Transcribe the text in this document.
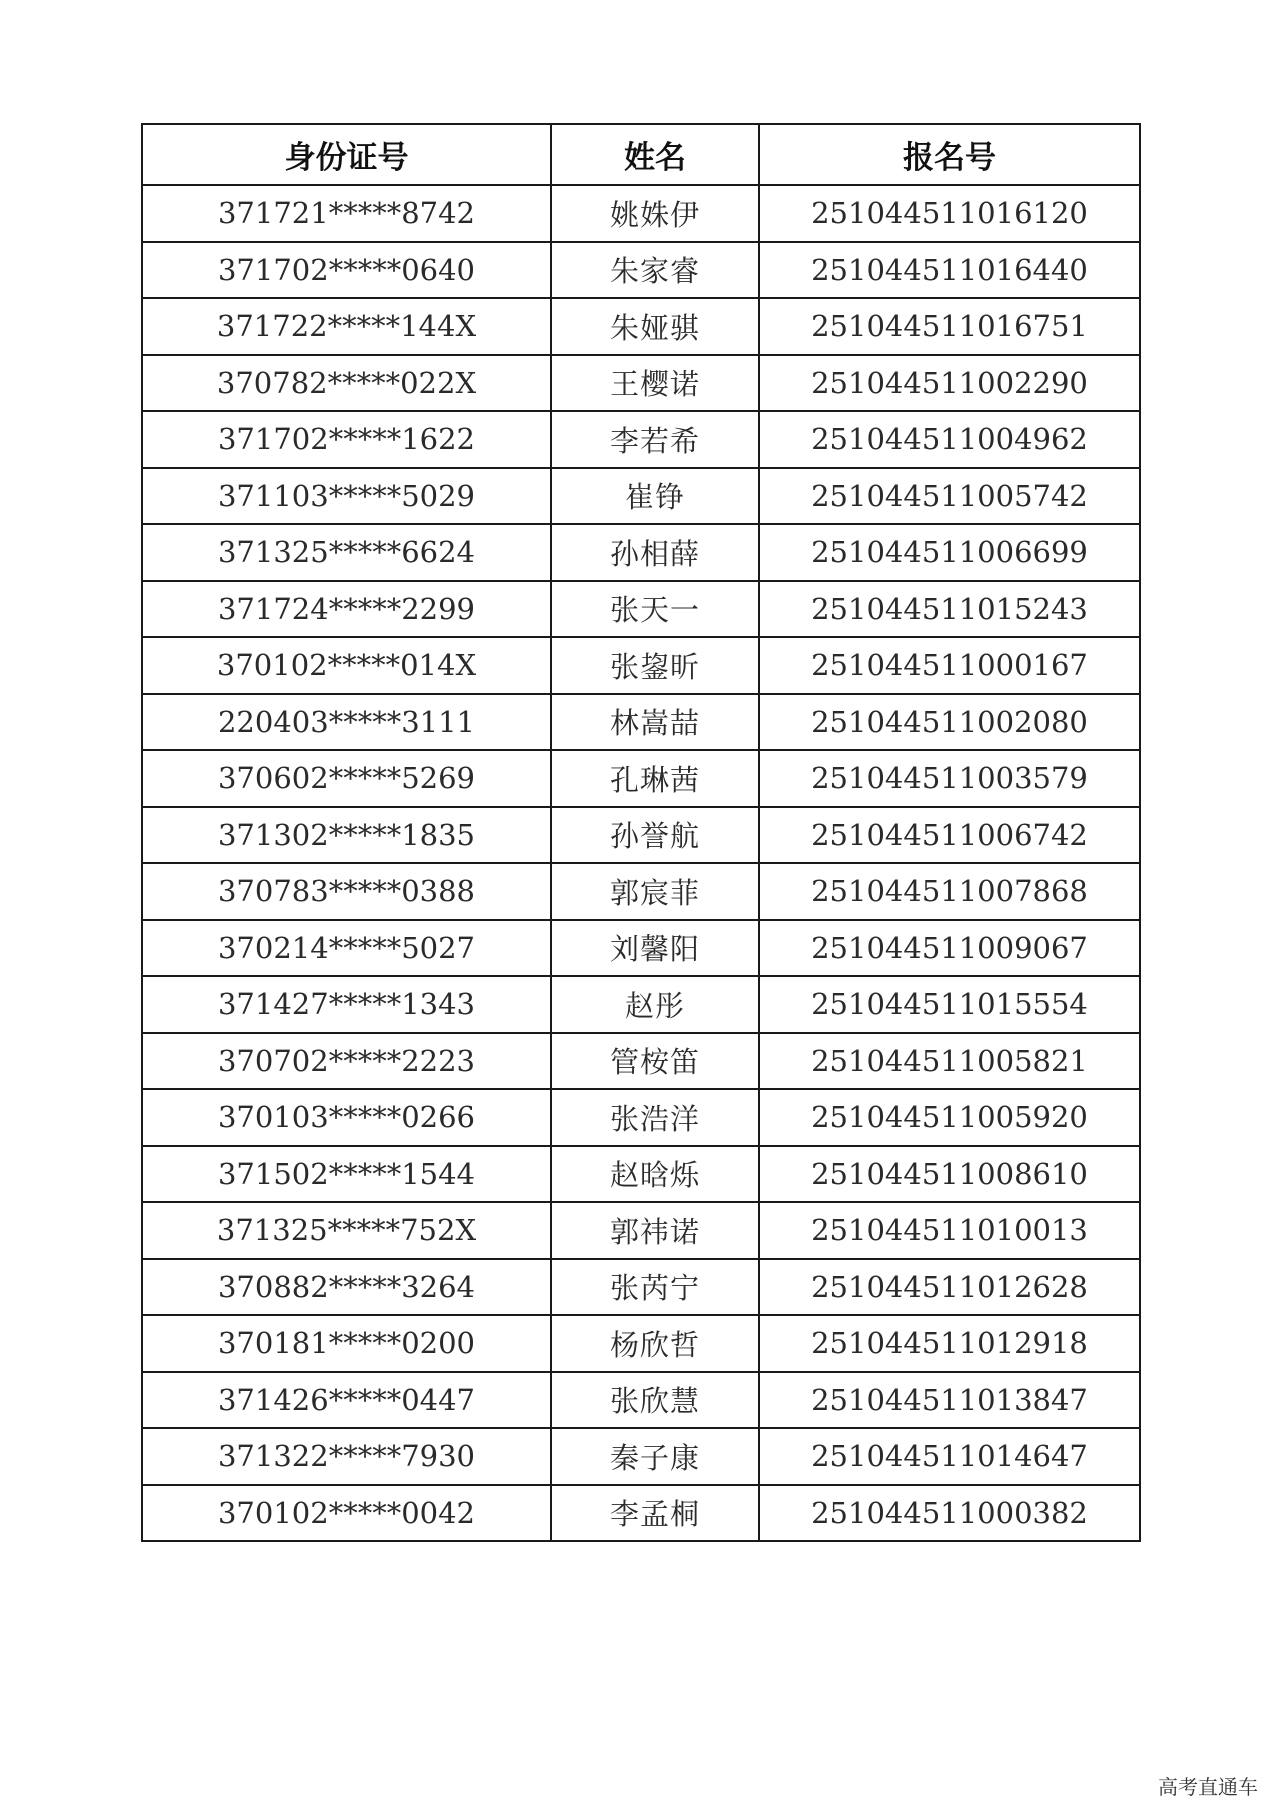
身份证号	姓名	报名号
371721*****8742	姚姝伊	251044511016120
371702*****0640	朱家睿	251044511016440
371722*****144X	朱娅骐	251044511016751
370782*****022X	王樱诺	251044511002290
371702*****1622	李若希	251044511004962
371103*****5029	崔铮	251044511005742
371325*****6624	孙相薛	251044511006699
371724*****2299	张天一	251044511015243
370102*****014X	张鋆昕	251044511000167
220403*****3111	林嵩喆	251044511002080
370602*****5269	孔琳茜	251044511003579
371302*****1835	孙誉航	251044511006742
370783*****0388	郭宸菲	251044511007868
370214*****5027	刘馨阳	251044511009067
371427*****1343	赵彤	251044511015554
370702*****2223	管桉笛	251044511005821
370103*****0266	张浩洋	251044511005920
371502*****1544	赵晗烁	251044511008610
371325*****752X	郭祎诺	251044511010013
370882*****3264	张芮宁	251044511012628
370181*****0200	杨欣哲	251044511012918
371426*****0447	张欣慧	251044511013847
371322*****7930	秦子康	251044511014647
370102*****0042	李孟桐	251044511000382
高考直通车
